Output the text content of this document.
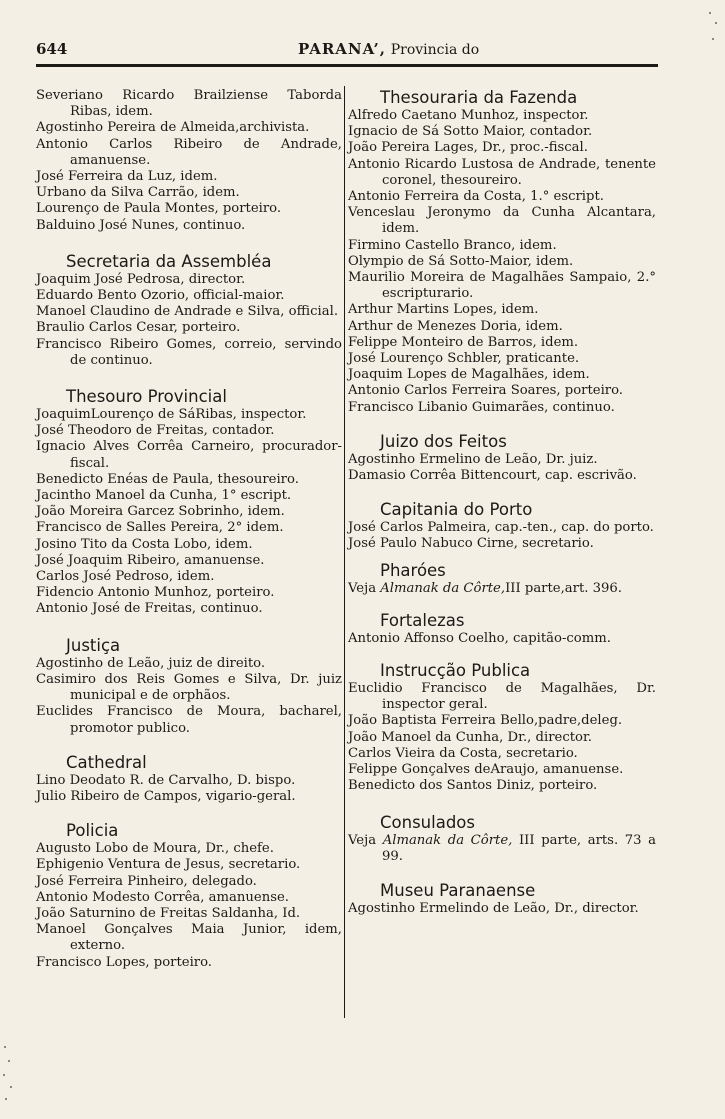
644	PARANA’, Provincia do

Severiano Ricardo Brailziense Taborda Ribas, idem.

Agostinho Pereira de Almeida,archivista.

Antonio Carlos Ribeiro de Andrade, amanuense.

José Ferreira da Luz, idem.

Urbano da Silva Carrão, idem.

Lourenço de Paula Montes, porteiro.

Balduino José Nunes, continuo.

Secretaria da Assembléa

Joaquim José Pedrosa, director.

Eduardo Bento Ozorio, official-maior.

Manoel Claudino de Andrade e Silva, official.

Braulio Carlos Cesar, porteiro.

Francisco Ribeiro Gomes, correio, servindo de continuo.

Thesouro Provincial

JoaquimLourenço de SáRibas, inspector.

José Theodoro de Freitas, contador.

Ignacio Alves Corrêa Carneiro, procurador-fiscal.

Benedicto Enéas de Paula, thesoureiro.

Jacintho Manoel da Cunha, 1° escript.

João Moreira Garcez Sobrinho, idem.

Francisco de Salles Pereira, 2° idem.

Josino Tito da Costa Lobo, idem.

José Joaquim Ribeiro, amanuense.

Carlos José Pedroso, idem.

Fidencio Antonio Munhoz, porteiro.

Antonio José de Freitas, continuo.

Justiça

Agostinho de Leão, juiz de direito.

Casimiro dos Reis Gomes e Silva, Dr. juiz municipal e de orphãos.

Euclides Francisco de Moura, bacharel, promotor publico.

Cathedral

Lino Deodato R. de Carvalho, D. bispo.

Julio Ribeiro de Campos, vigario-geral.

Policia

Augusto Lobo de Moura, Dr., chefe.

Ephigenio Ventura de Jesus, secretario.

José Ferreira Pinheiro, delegado.

Antonio Modesto Corrêa, amanuense.

João Saturnino de Freitas Saldanha, Id.

Manoel Gonçalves Maia Junior, idem, externo.

Francisco Lopes, porteiro.

Thesouraria da Fazenda

Alfredo Caetano Munhoz, inspector.

Ignacio de Sá Sotto Maior, contador.

João Pereira Lages, Dr., proc.-fiscal.

Antonio Ricardo Lustosa de Andrade, tenente coronel, thesoureiro.

Antonio Ferreira da Costa, 1.° escript.

Venceslau Jeronymo da Cunha Alcantara, idem.

Firmino Castello Branco, idem.

Olympio de Sá Sotto-Maior, idem.

Maurilio Moreira de Magalhães Sampaio, 2.° escripturario.

Arthur Martins Lopes, idem.

Arthur de Menezes Doria, idem.

Felippe Monteiro de Barros, idem.

José Lourenço Schbler, praticante.

Joaquim Lopes de Magalhães, idem.

Antonio Carlos Ferreira Soares, porteiro.

Francisco Libanio Guimarães, continuo.

Juizo dos Feitos

Agostinho Ermelino de Leão, Dr. juiz.

Damasio Corrêa Bittencourt, cap. escrivão.

Capitania do Porto

José Carlos Palmeira, cap.-ten., cap. do porto.

José Paulo Nabuco Cirne, secretario.

Pharóes

Veja Almanak da Côrte,III parte,art. 396.

Fortalezas

Antonio Affonso Coelho, capitão-comm.

Instrucção Publica

Euclidio Francisco de Magalhães, Dr. inspector geral.

João Baptista Ferreira Bello,padre,deleg.

João Manoel da Cunha, Dr., director.

Carlos Vieira da Costa, secretario.

Felippe Gonçalves deAraujo, amanuense.

Benedicto dos Santos Diniz, porteiro.

Consulados

Veja Almanak da Côrte, III parte, arts. 73 a 99.

Museu Paranaense

Agostinho Ermelindo de Leão, Dr., director.
